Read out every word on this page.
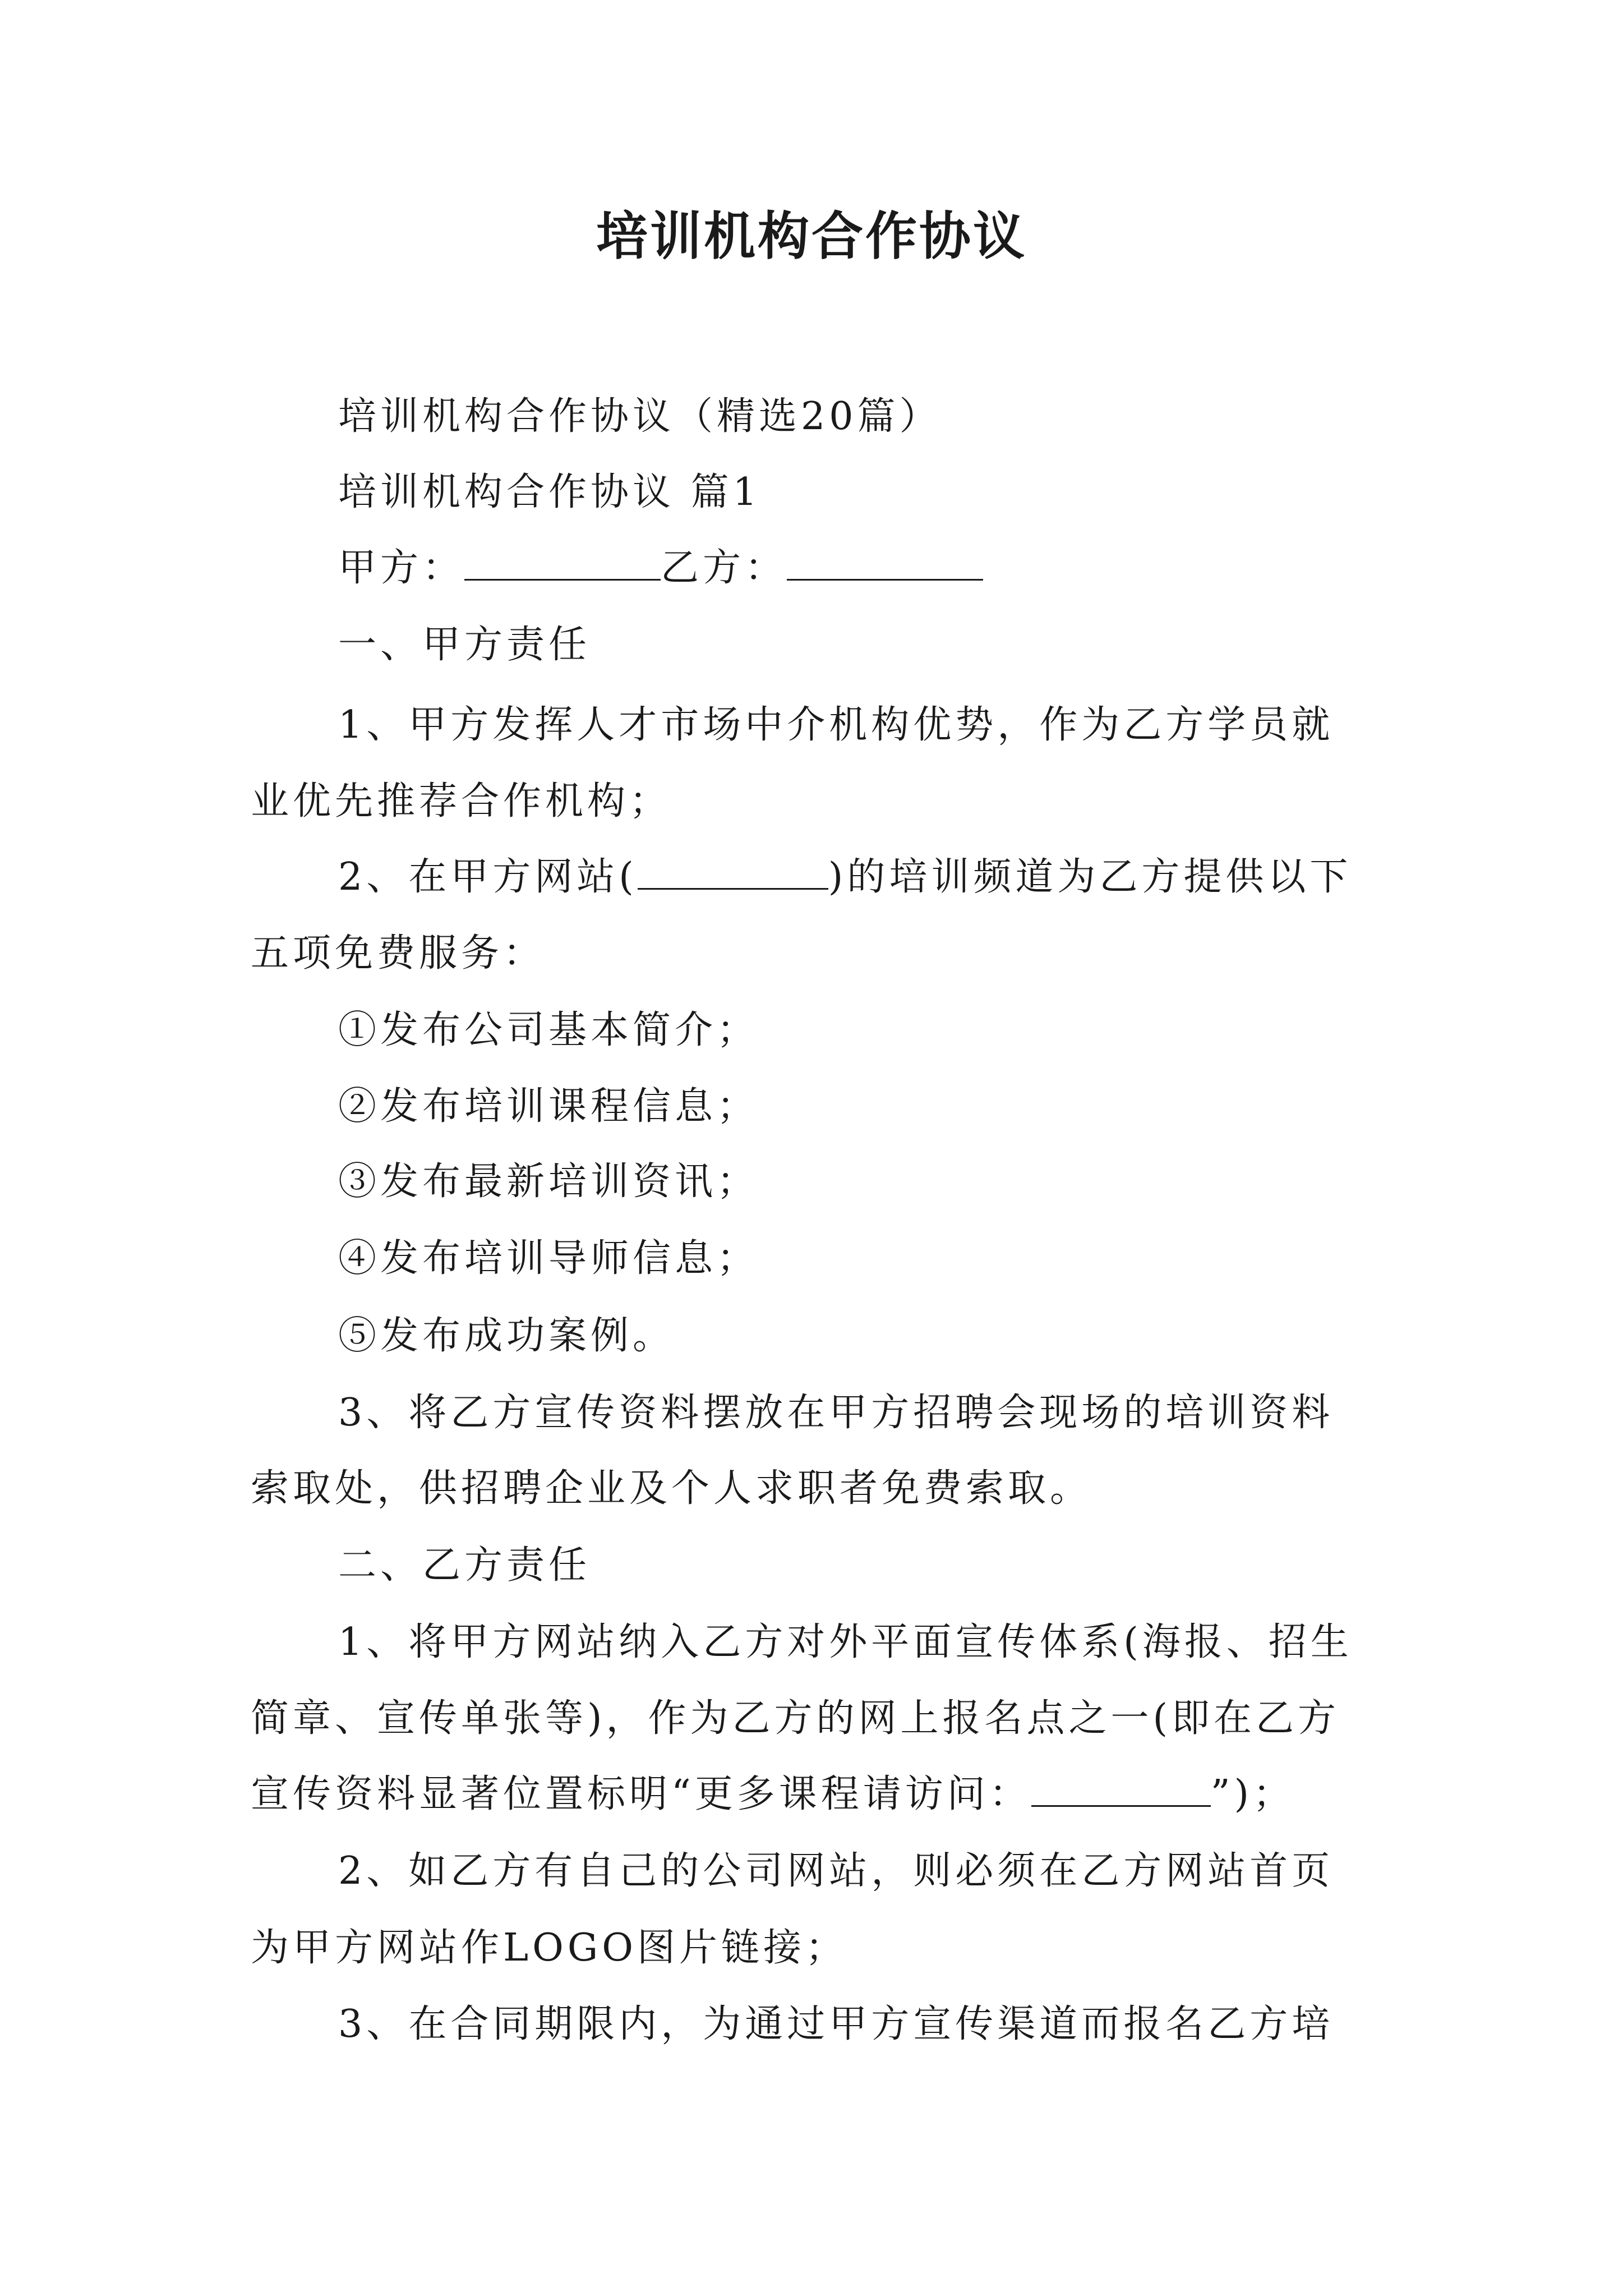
培训机构合作协议
培训机构合作协议（精选20篇）
培训机构合作协议 篇1
甲方：	乙方：
一、甲方责任
1、甲方发挥人才市场中介机构优势，作为乙方学员就
业优先推荐合作机构；
2、在甲方网站(	)的培训频道为乙方提供以下
五项免费服务：
①发布公司基本简介；
②发布培训课程信息；
③发布最新培训资讯；
④发布培训导师信息；
⑤发布成功案例。
3、将乙方宣传资料摆放在甲方招聘会现场的培训资料
索取处，供招聘企业及个人求职者免费索取。
二、乙方责任
1、将甲方网站纳入乙方对外平面宣传体系(海报、招生
简章、宣传单张等)，作为乙方的网上报名点之一(即在乙方
宣传资料显著位置标明“更多课程请访问：	”)；
2、如乙方有自己的公司网站，则必须在乙方网站首页
为甲方网站作LOGO图片链接；
3、在合同期限内，为通过甲方宣传渠道而报名乙方培
